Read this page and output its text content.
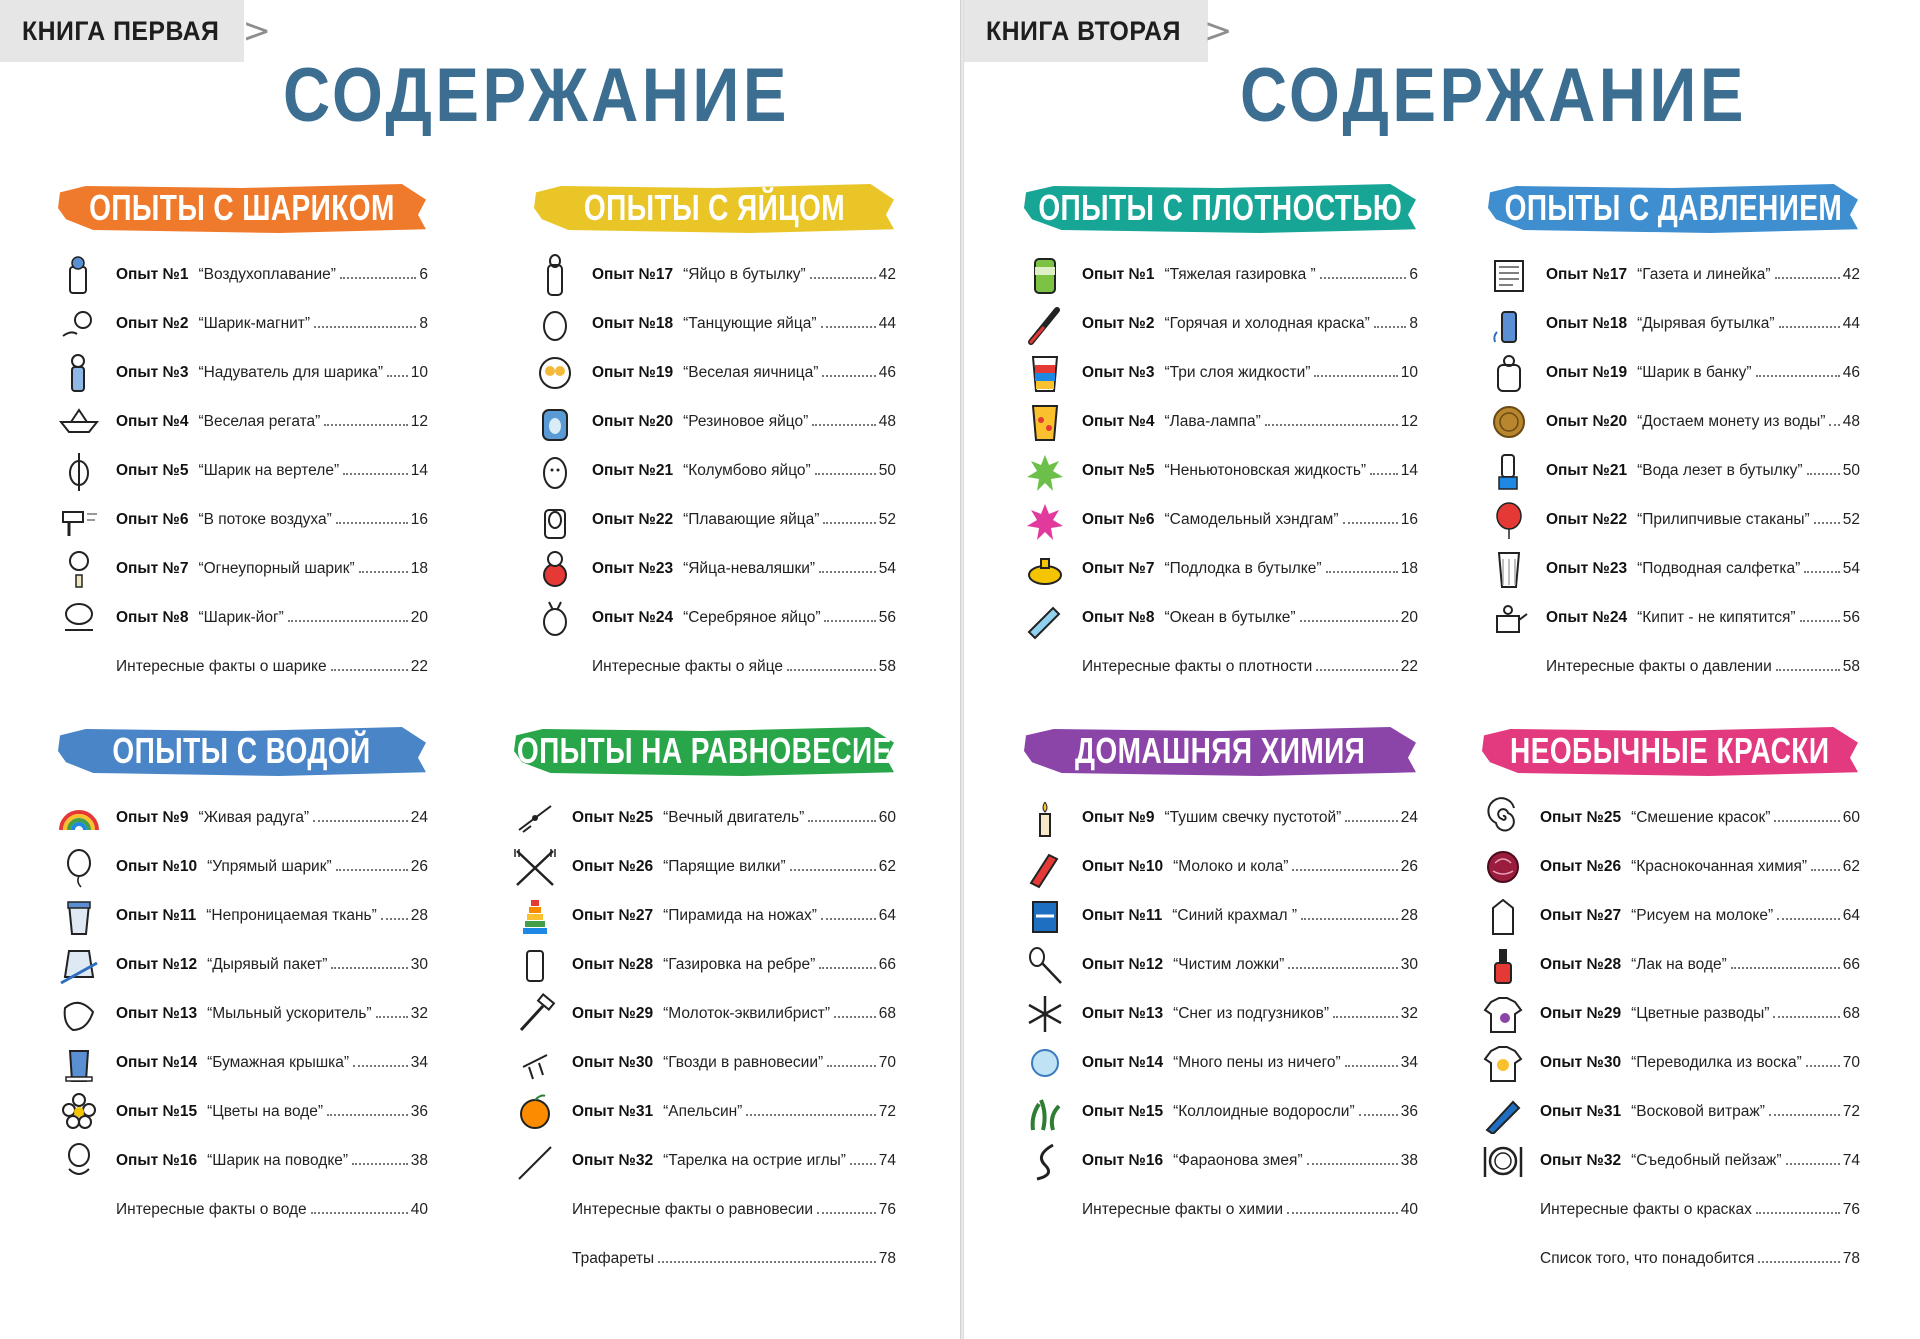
КНИГА ПЕРВАЯ >
СОДЕРЖАНИЕ
ОПЫТЫ С ШАРИКОМ
Опыт №1 “Воздухоплавание”	6
Опыт №2 “Шарик-магнит”	8
Опыт №3 “Надуватель для шарика” 10
Опыт №4 “Веселая регата”	12
Опыт №5 “Шарик на вертеле”	14
Опыт №6 “В потоке воздуха”	16
Опыт №7 “Огнеупорный шарик”	18
Опыт №8 “Шарик-йог”	20
Интересные факты о шарике	22
ОПЫТЫ С ЯЙЦОМ
Опыт №17 “Яйцо в бутылку”	42
Опыт №18 “Танцующие яйца”	44
Опыт №19 “Веселая яичница”	46
Опыт №20 “Резиновое яйцо”	48
Опыт №21 “Колумбово яйцо”	50
Опыт №22 “Плавающие яйца”	52
Опыт №23 “Яйца-неваляшки”	54
Опыт №24 “Серебряное яйцо”	56
Интересные факты о яйце	58
ОПЫТЫ С ВОДОЙ
Опыт №9 “Живая радуга”	24
Опыт №10 “Упрямый шарик”	26
Опыт №11 “Непроницаемая ткань” 28
Опыт №12 “Дырявый пакет”	30
Опыт №13 “Мыльный ускоритель”	32
Опыт №14 “Бумажная крышка”	34
Опыт №15 “Цветы на воде”	36
Опыт №16 “Шарик на поводке”	38
Интересные факты о воде	40
ОПЫТЫ НА РАВНОВЕСИЕ
Опыт №25 “Вечный двигатель”	60
Опыт №26 “Парящие вилки”	62
Опыт №27 “Пирамида на ножах”	64
Опыт №28 “Газировка на ребре”	66
Опыт №29 “Молоток-эквилибрист”	68
Опыт №30 “Гвозди в равновесии”	70
Опыт №31 “Апельсин”	72
Опыт №32 “Тарелка на острие иглы” 74
Интересные факты о равновесии	76
Трафареты	78
КНИГА ВТОРАЯ >
СОДЕРЖАНИЕ
ОПЫТЫ С ПЛОТНОСТЬЮ
Опыт №1 “Тяжелая газировка ”	6
Опыт №2 “Горячая и холодная краска”	8
Опыт №3 “Три слоя жидкости”	10
Опыт №4 “Лава-лампа”	12
Опыт №5 “Неньютоновская жидкость” 14
Опыт №6 “Самодельный хэндгам”	16
Опыт №7 “Подлодка в бутылке”	18
Опыт №8 “Океан в бутылке”	20
Интересные факты о плотности	22
ОПЫТЫ С ДАВЛЕНИЕМ
Опыт №17 “Газета и линейка”	42
Опыт №18 “Дырявая бутылка”	44
Опыт №19 “Шарик в банку”	46
Опыт №20 “Достаем монету из воды” 48
Опыт №21 “Вода лезет в бутылку”	50
Опыт №22 “Прилипчивые стаканы” 52
Опыт №23 “Подводная салфетка”	54
Опыт №24 “Кипит - не кипятится”	56
Интересные факты о давлении	58
ДОМАШНЯЯ ХИМИЯ
Опыт №9 “Тушим свечку пустотой”	24
Опыт №10 “Молоко и кола”	26
Опыт №11 “Синий крахмал ”	28
Опыт №12 “Чистим ложки”	30
Опыт №13 “Снег из подгузников”	32
Опыт №14 “Много пены из ничего”	34
Опыт №15 “Коллоидные водоросли”	36
Опыт №16 “Фараонова змея”	38
Интересные факты о химии	40
НЕОБЫЧНЫЕ КРАСКИ
Опыт №25 “Смешение красок”	60
Опыт №26 “Краснокочанная химия” 62
Опыт №27 “Рисуем на молоке”	64
Опыт №28 “Лак на воде”	66
Опыт №29 “Цветные разводы”	68
Опыт №30 “Переводилка из воска”	70
Опыт №31 “Восковой витраж”	72
Опыт №32 “Съедобный пейзаж”	74
Интересные факты о красках	76
Список того, что понадобится	78
